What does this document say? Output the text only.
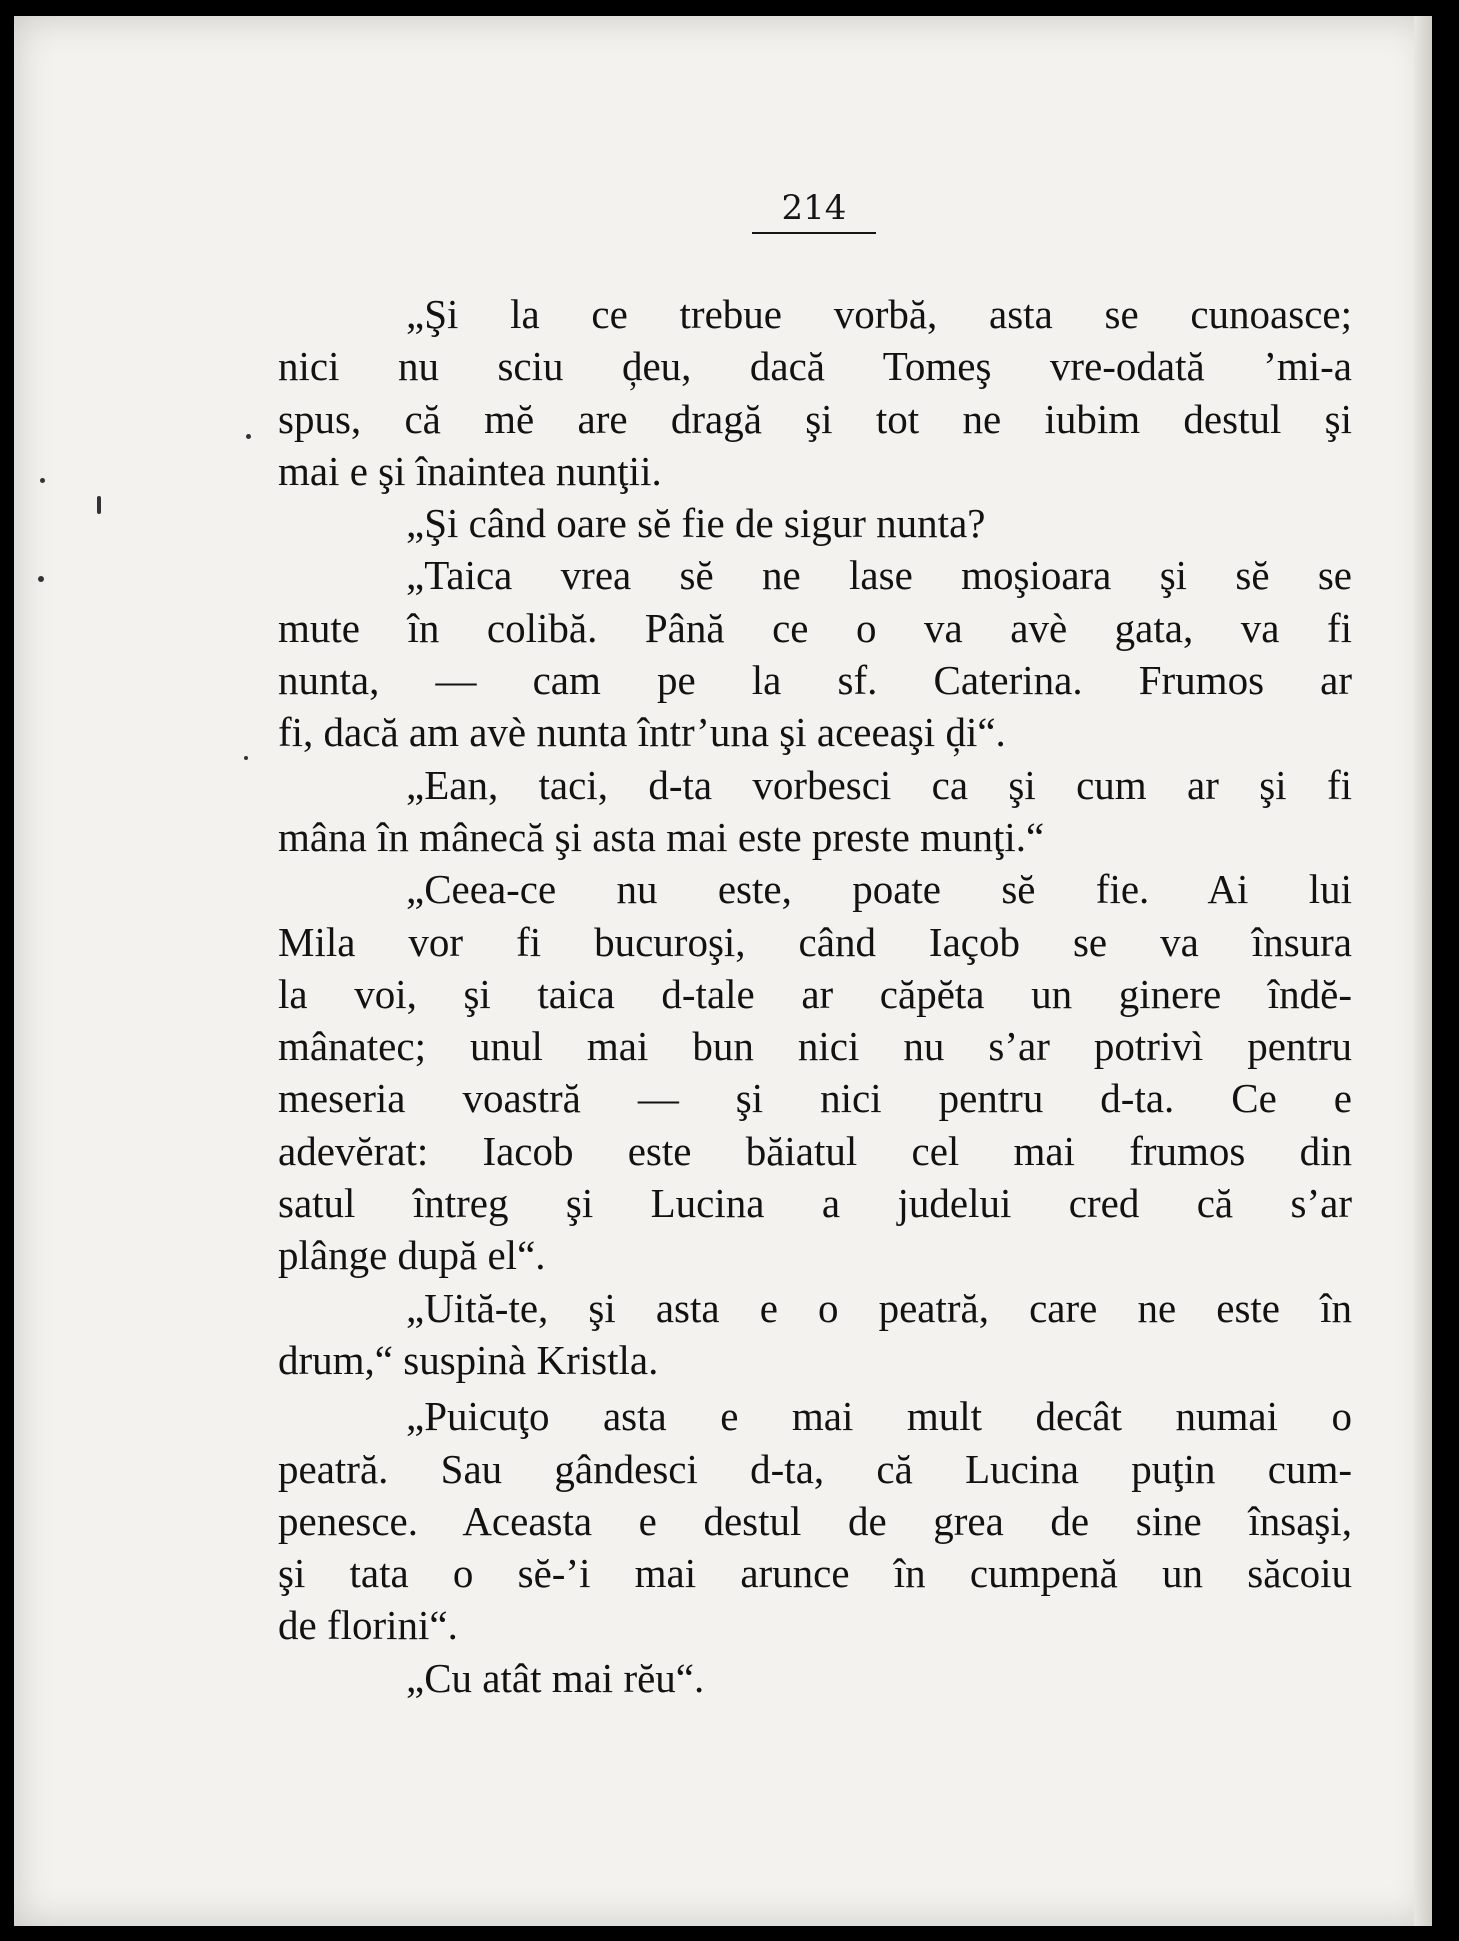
214
„Şi la ce trebue vorbă, asta se cunoasce;
nici nu sciu ḑeu, dacă Tomeş vre-odată ’mi-a
spus, că mĕ are dragă şi tot ne iubim destul şi
mai e şi înaintea nunţii.
„Şi când oare sĕ fie de sigur nunta?
„Taica vrea sĕ ne lase moşioara şi sĕ se
mute în colibă. Până ce o va avè gata, va fi
nunta, — cam pe la sf. Caterina. Frumos ar
fi, dacă am avè nunta într’una şi aceeaşi ḑi“.
„Ean, taci, d-ta vorbesci ca şi cum ar şi fi
mâna în mânecă şi asta mai este preste munţi.“
„Ceea-ce nu este, poate sĕ fie. Ai lui
Mila vor fi bucuroşi, când Iaçob se va însura
la voi, şi taica d-tale ar căpĕta un ginere îndĕ-
mânatec; unul mai bun nici nu s’ar potrivì pentru
meseria voastră — şi nici pentru d-ta. Ce e
adevĕrat: Iacob este băiatul cel mai frumos din
satul întreg şi Lucina a judelui cred că s’ar
plânge după el“.
„Uită-te, şi asta e o peatră, care ne este în
drum,“ suspinà Kristla.
„Puicuţo asta e mai mult decât numai o
peatră. Sau gândesci d-ta, că Lucina puţin cum-
penesce. Aceasta e destul de grea de sine însaşi,
şi tata o sĕ-’i mai arunce în cumpenă un săcoiu
de florini“.
„Cu atât mai rĕu“.
